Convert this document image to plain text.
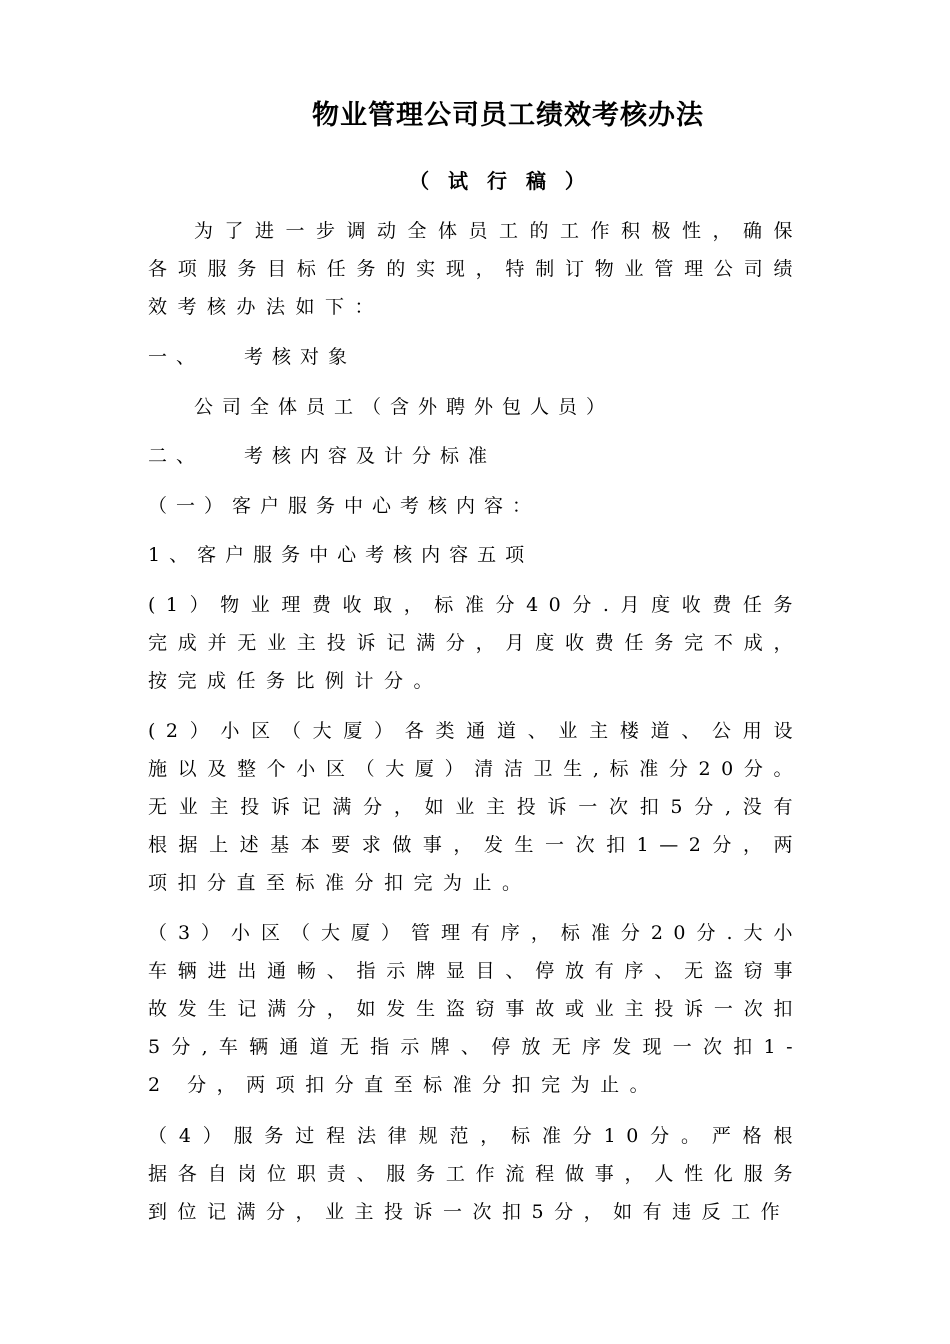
物业管理公司员工绩效考核办法
（ 试 行 稿 ）
为了进一步调动全体员工的工作积极性，确保各项服务目标任务的实现，特制订物业管理公司绩效考核办法如下：
一、 考核对象
公司全体员工（含外聘外包人员）
二、 考核内容及计分标准
（一）客户服务中心考核内容：
1、客户服务中心考核内容五项
(1）物业理费收取，标准分40分.月度收费任务完成并无业主投诉记满分，月度收费任务完不成，按完成任务比例计分。
(2）小区（大厦）各类通道、业主楼道、公用设施以及整个小区（大厦）清洁卫生,标准分20分。无业主投诉记满分，如业主投诉一次扣5分,没有根据上述基本要求做事，发生一次扣1—2分，两项扣分直至标准分扣完为止。
（3）小区（大厦）管理有序，标准分20分.大小车辆进出通畅、指示牌显目、停放有序、无盗窃事故发生记满分，如发生盗窃事故或业主投诉一次扣5分,车辆通道无指示牌、停放无序发现一次扣1-2 分，两项扣分直至标准分扣完为止。
（4）服务过程法律规范，标准分10分。严格根据各自岗位职责、服务工作流程做事，人性化服务到位记满分，业主投诉一次扣5分，如有违反工作
